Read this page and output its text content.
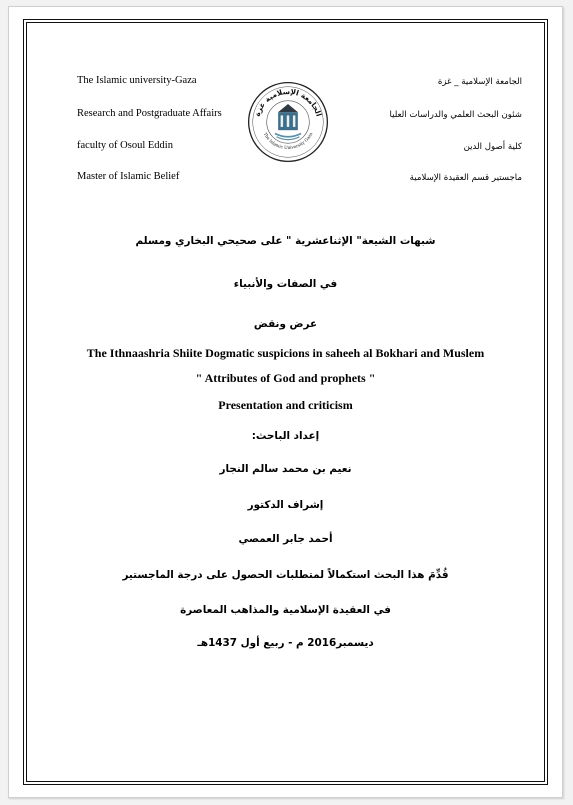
The Islamic university-Gaza
Research and Postgraduate Affairs
faculty of Osoul Eddin
Master of Islamic Belief
الجامعة الإسلامية _ غزة
شئون البحث العلمي والدراسات العليا
كلية أصول الدين
ماجستير قسم العقيدة الإسلامية
الجامعة الإسلامية غزة
The Islamic University Gaza
شبهات الشيعة" الإثناعشرية " على صحيحي البخاري ومسلم
في الصفات والأنبياء
عرض ونقض
The Ithnaashria Shiite Dogmatic suspicions in saheeh al Bokhari and Muslem
" Attributes of God and prophets "
Presentation and criticism
إعداد الباحث:
نعيم بن محمد سالم النجار
إشراف الدكتور
أحمد جابر العمصي
قُدِّمَ هذا البحث استكمالاً لمتطلبات الحصول على درجة الماجستير
في العقيدة الإسلامية والمذاهب المعاصرة
ديسمبر2016 م - ربيع أول 1437هـ
